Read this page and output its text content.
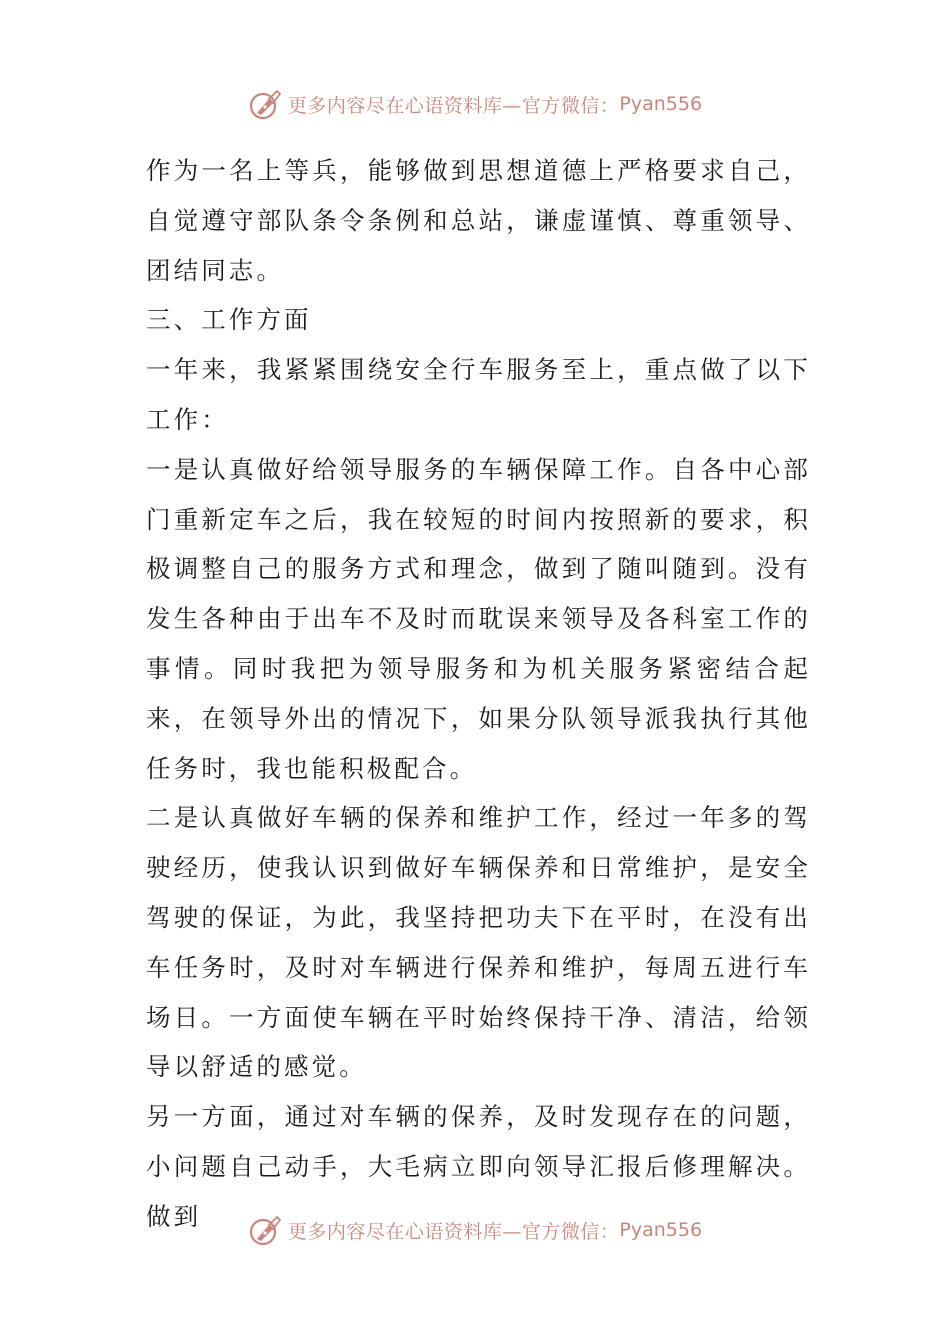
更多内容尽在心语资料库—官方微信： Pyan556

作为一名上等兵，能够做到思想道德上严格要求自己，自觉遵守部队条令条例和总站，谦虚谨慎、尊重领导、团结同志。

三、工作方面

一年来，我紧紧围绕安全行车服务至上，重点做了以下工作：

一是认真做好给领导服务的车辆保障工作。自各中心部门重新定车之后，我在较短的时间内按照新的要求，积极调整自己的服务方式和理念，做到了随叫随到。没有发生各种由于出车不及时而耽误来领导及各科室工作的事情。同时我把为领导服务和为机关服务紧密结合起来，在领导外出的情况下，如果分队领导派我执行其他任务时，我也能积极配合。

二是认真做好车辆的保养和维护工作，经过一年多的驾驶经历，使我认识到做好车辆保养和日常维护，是安全驾驶的保证，为此，我坚持把功夫下在平时，在没有出车任务时，及时对车辆进行保养和维护，每周五进行车场日。一方面使车辆在平时始终保持干净、清洁，给领导以舒适的感觉。

另一方面，通过对车辆的保养，及时发现存在的问题，小问题自己动手，大毛病立即向领导汇报后修理解决。做到

更多内容尽在心语资料库—官方微信： Pyan556
